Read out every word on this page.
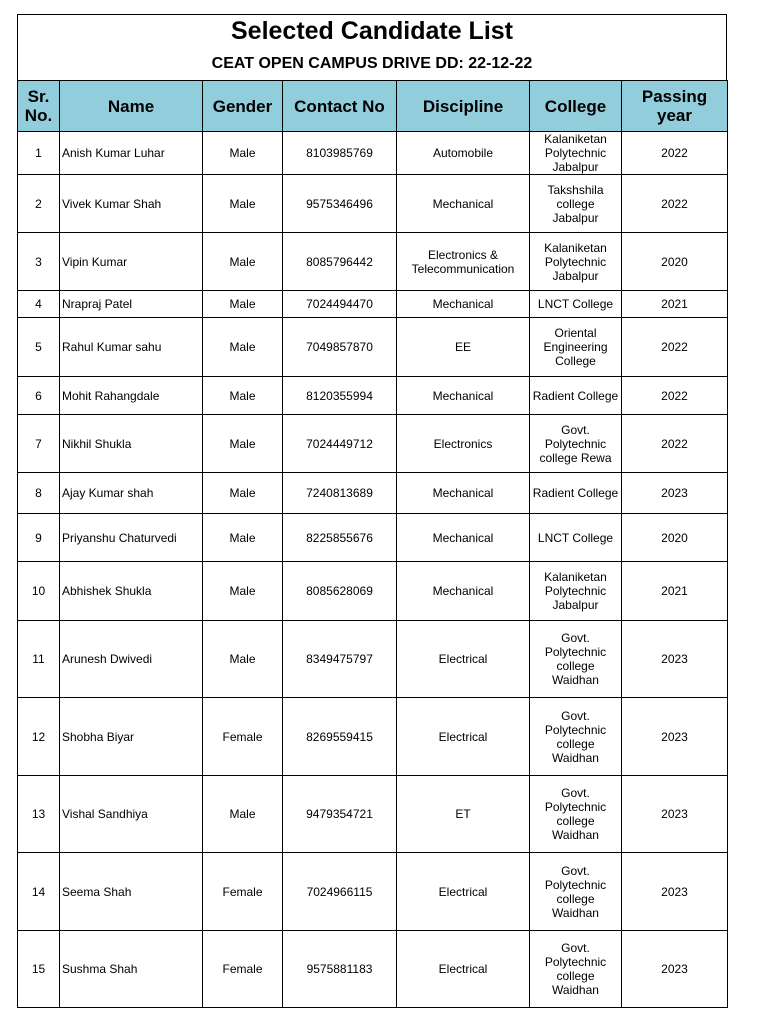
Selected Candidate List
CEAT OPEN CAMPUS DRIVE DD: 22-12-22
Sr. No.	Name	Gender	Contact No	Discipline	College	Passing year
1	Anish Kumar Luhar	Male	8103985769	Automobile	Kalaniketan Polytechnic Jabalpur	2022
2	Vivek Kumar Shah	Male	9575346496	Mechanical	Takshshila college Jabalpur	2022
3	Vipin Kumar	Male	8085796442	Electronics & Telecommunication	Kalaniketan Polytechnic Jabalpur	2020
4	Nrapraj Patel	Male	7024494470	Mechanical	LNCT College	2021
5	Rahul Kumar sahu	Male	7049857870	EE	Oriental Engineering College	2022
6	Mohit Rahangdale	Male	8120355994	Mechanical	Radient College	2022
7	Nikhil Shukla	Male	7024449712	Electronics	Govt. Polytechnic college Rewa	2022
8	Ajay Kumar shah	Male	7240813689	Mechanical	Radient College	2023
9	Priyanshu Chaturvedi	Male	8225855676	Mechanical	LNCT College	2020
10	Abhishek Shukla	Male	8085628069	Mechanical	Kalaniketan Polytechnic Jabalpur	2021
11	Arunesh Dwivedi	Male	8349475797	Electrical	Govt. Polytechnic college Waidhan	2023
12	Shobha Biyar	Female	8269559415	Electrical	Govt. Polytechnic college Waidhan	2023
13	Vishal Sandhiya	Male	9479354721	ET	Govt. Polytechnic college Waidhan	2023
14	Seema Shah	Female	7024966115	Electrical	Govt. Polytechnic college Waidhan	2023
15	Sushma Shah	Female	9575881183	Electrical	Govt. Polytechnic college Waidhan	2023
